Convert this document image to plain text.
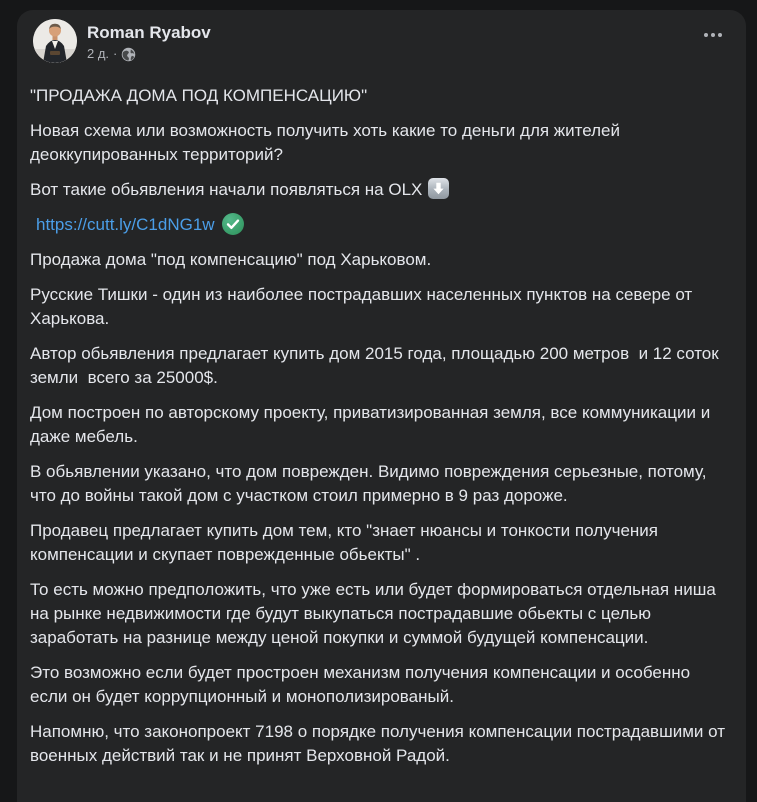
Roman Ryabov
2 д. ·

"ПРОДАЖА ДОМА ПОД КОМПЕНСАЦИЮ"

Новая схема или возможность получить хоть какие то деньги для жителей деоккупированных территорий?

Вот такие обьявления начали появляться на OLX

https://cutt.ly/C1dNG1w

Продажа дома "под компенсацию" под Харьковом.

Русские Тишки - один из наиболее пострадавших населенных пунктов на севере от Харькова.

Автор обьявления предлагает купить дом 2015 года, площадью 200 метров  и 12 соток земли  всего за 25000$.

Дом построен по авторскому проекту, приватизированная земля, все коммуникации и даже мебель.

В обьявлении указано, что дом поврежден. Видимо повреждения серьезные, потому, что до войны такой дом с участком стоил примерно в 9 раз дороже.

Продавец предлагает купить дом тем, кто "знает нюансы и тонкости получения компенсации и скупает поврежденные обьекты" .

То есть можно предположить, что уже есть или будет формироваться отдельная ниша на рынке недвижимости где будут выкупаться пострадавшие обьекты с целью заработать на разнице между ценой покупки и суммой будущей компенсации.

Это возможно если будет простроен механизм получения компенсации и особенно если он будет коррупционный и монополизированый.

Напомню, что законопроект 7198 о порядке получения компенсации пострадавшими от военных действий так и не принят Верховной Радой.
